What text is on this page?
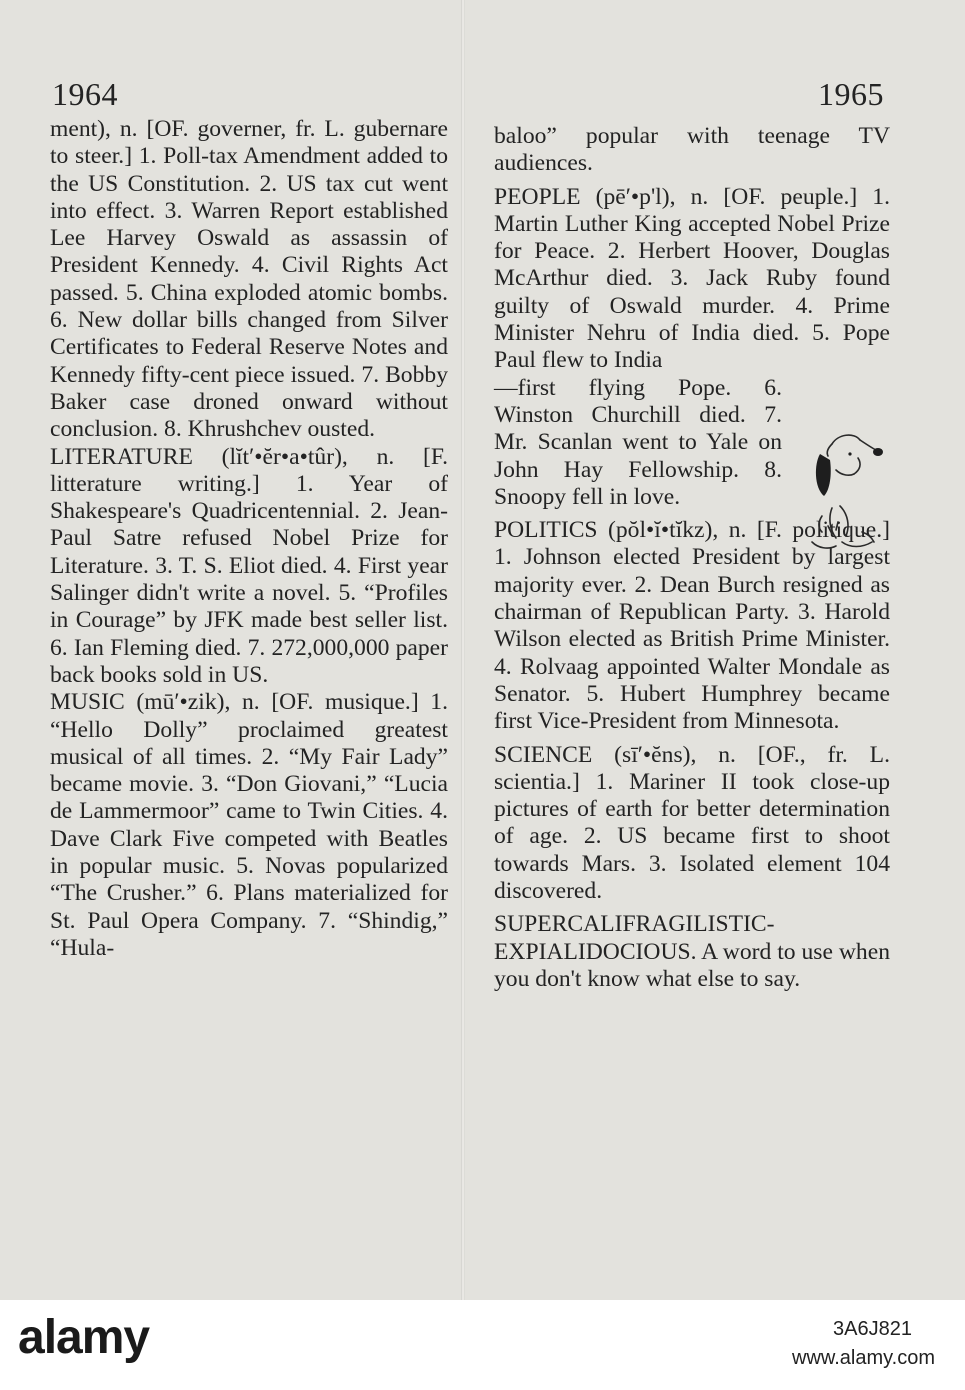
1964	1965

ment), n. [OF. governer, fr. L. gubernare to steer.] 1. Poll-tax Amendment added to the US Constitution. 2. US tax cut went into effect. 3. Warren Report established Lee Harvey Oswald as assassin of President Kennedy. 4. Civil Rights Act passed. 5. China exploded atomic bombs. 6. New dollar bills changed from Silver Certificates to Federal Reserve Notes and Kennedy fifty-cent piece issued. 7. Bobby Baker case droned onward without conclusion. 8. Khrushchev ousted.

LITERATURE (lĭt′•ĕr•a•tûr), n. [F. litterature writing.] 1. Year of Shakespeare's Quadricentennial. 2. Jean-Paul Satre refused Nobel Prize for Literature. 3. T. S. Eliot died. 4. First year Salinger didn't write a novel. 5. “Profiles in Courage” by JFK made best seller list. 6. Ian Fleming died. 7. 272,000,000 paper back books sold in US.

MUSIC (mū′•zik), n. [OF. musique.] 1. “Hello Dolly” proclaimed greatest musical of all times. 2. “My Fair Lady” became movie. 3. “Don Giovani,” “Lucia de Lammermoor” came to Twin Cities. 4. Dave Clark Five competed with Beatles in popular music. 5. Novas popularized “The Crusher.” 6. Plans materialized for St. Paul Opera Company. 7. “Shindig,” “Hula-

baloo” popular with teenage TV audiences.

PEOPLE (pē′•p'l), n. [OF. peuple.] 1. Martin Luther King accepted Nobel Prize for Peace. 2. Herbert Hoover, Douglas McArthur died. 3. Jack Ruby found guilty of Oswald murder. 4. Prime Minister Nehru of India died. 5. Pope Paul flew to India

—first flying Pope. 6. Winston Churchill died. 7. Mr. Scanlan went to Yale on John Hay Fellowship. 8. Snoopy fell in love.

POLITICS (pŏl•ĭ•tĭkz), n. [F. politique.] 1. Johnson elected President by largest majority ever. 2. Dean Burch resigned as chairman of Republican Party. 3. Harold Wilson elected as British Prime Minister. 4. Rolvaag appointed Walter Mondale as Senator. 5. Hubert Humphrey became first Vice-President from Minnesota.

SCIENCE (sī′•ĕns), n. [OF., fr. L. scientia.] 1. Mariner II took close-up pictures of earth for better determination of age. 2. US became first to shoot towards Mars. 3. Isolated element 104 discovered.

SUPERCALIFRAGILISTIC-EXPIALIDOCIOUS. A word to use when you don't know what else to say.

alamy	3A6J821
www.alamy.com
